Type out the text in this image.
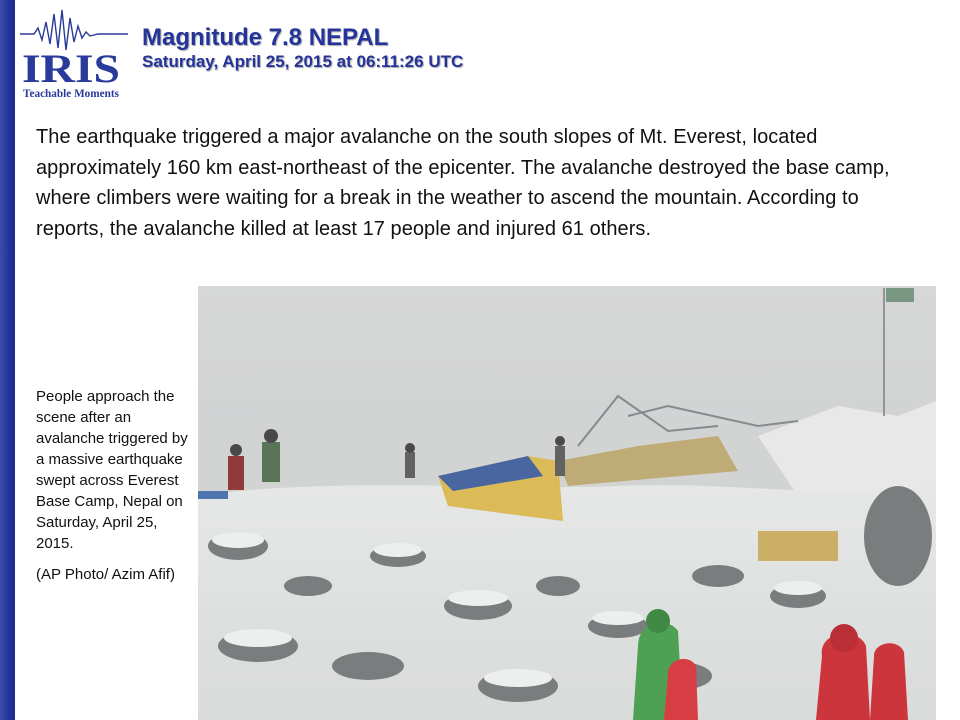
IRIS
Teachable Moments
Magnitude 7.8 NEPAL
Saturday, April 25, 2015 at 06:11:26 UTC
The earthquake triggered a major avalanche on the south slopes of Mt. Everest, located approximately 160 km east-northeast of the epicenter. The avalanche destroyed the base camp, where climbers were waiting for a break in the weather to ascend the mountain. According to reports, the avalanche killed at least 17 people and injured 61 others.

People approach the scene after an avalanche triggered by a massive earthquake swept across Everest Base Camp, Nepal on Saturday, April 25, 2015.

(AP Photo/ Azim Afif)
